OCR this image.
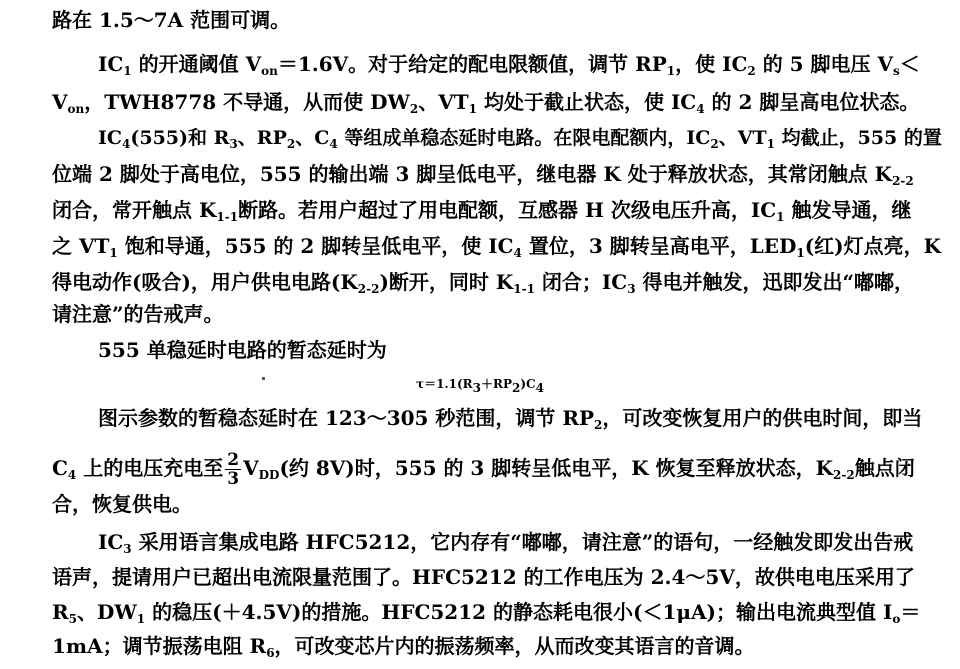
路在 1.5～7A 范围可调。
$IC_1$ 的开通阈值 $V_{on}=1.6V$。对于给定的配电限额值，调节 $RP_1$，使 $IC_2$ 的 5 脚电压 $V_s<$
$V_{on}$，TWH8778 不导通，从而使 $DW_2$、$VT_1$ 均处于截止状态，使 $IC_4$ 的 2 脚呈高电位状态。
$IC_4(555)$和 $R_3$、$RP_2$、$C_4$ 等组成单稳态延时电路。在限电配额内，$IC_2$、$VT_1$ 均截止，555 的置
位端 2 脚处于高电位，555 的输出端 3 脚呈低电平，继电器 K 处于释放状态，其常闭触点 $K_{2-2}$
闭合，常开触点 $K_{1-1}$断路。若用户超过了用电配额，互感器 H 次级电压升高，$IC_1$ 触发导通，继
之 $VT_1$ 饱和导通，555 的 2 脚转呈低电平，使 $IC_4$ 置位，3 脚转呈高电平，$LED_1$(红)灯点亮，K
得电动作(吸合)，用户供电电路$(K_{2-2})$断开，同时 $K_{1-1}$ 闭合；$IC_3$ 得电并触发，迅即发出“嘟嘟，
请注意”的告戒声。
555 单稳延时电路的暂态延时为
τ＝1.1(R3＋RP2)C4
图示参数的暂稳态延时在 123～305 秒范围，调节 $RP_2$，可改变恢复用户的供电时间，即当
$C_4$ 上的电压充电至 $\frac{2}{3} V_{DD}$(约 8V)时，555 的 3 脚转呈低电平，K 恢复至释放状态，$K_{2-2}$触点闭
合，恢复供电。
$IC_3$ 采用语言集成电路 HFC5212，它内存有“嘟嘟，请注意”的语句，一经触发即发出告戒
语声，提请用户已超出电流限量范围了。HFC5212 的工作电压为 2.4～5V，故供电电压采用了
$R_5$、$DW_1$ 的稳压(＋4.5V)的措施。HFC5212 的静态耗电很小(＜1μA)；输出电流典型值 $I_o=$
1mA；调节振荡电阻 $R_6$，可改变芯片内的振荡频率，从而改变其语言的音调。
